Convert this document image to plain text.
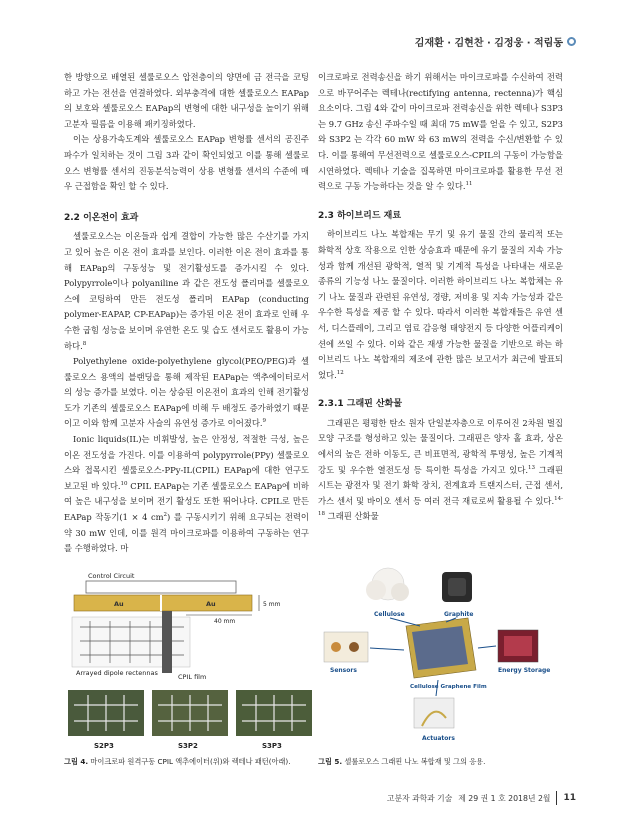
김재환 · 김현찬 · 김정웅 · 적림동

한 방향으로 배열된 셀룰로오스 압전층이의 양면에 금 전극을 코팅하고 가는 전선을 연결하였다. 외부충격에 대한 셀룰로오스 EAPap의 보호와 셀룰로오스 EAPap의 변형에 대한 내구성을 높이기 위해 고분자 필름을 이용해 패키징하였다.

이는 상용가속도계와 셀룰로오스 EAPap 변형률 센서의 공진주파수가 일치하는 것이 그림 3과 같이 확인되었고 이를 통해 셀룰로오스 변형률 센서의 진동분석능력이 상용 변형률 센서의 수준에 매우 근접함을 확인 할 수 있다.

2.2 이온전이 효과

셀룰로오스는 이온들과 쉽게 결합이 가능한 많은 수산기를 가지고 있어 높은 이온 전이 효과를 보인다. 이러한 이온 전이 효과를 통해 EAPap의 구동성능 및 전기활성도를 증가시킬 수 있다. Polypyrrole이나 polyaniline 과 같은 전도성 폴리머를 셀룰로오스에 코팅하여 만든 전도성 폴리머 EAPap (conducting polymer-EAPAP, CP-EAPap)는 증가된 이온 전이 효과로 인해 우수한 굽힘 성능을 보이며 유연한 온도 및 습도 센서로도 활용이 가능하다.$^8$

Polyethylene oxide-polyethylene glycol(PEO/PEG)과 셀룰로오스 용액의 블랜딩을 통해 제작된 EAPap는 액추에이터로서의 성능 증가를 보였다. 이는 상승된 이온전이 효과의 인해 전기활성도가 기존의 셀룰로오스 EAPap에 비해 두 배정도 증가하였기 때문이고 이와 함께 고분자 사슬의 유연성 증가로 이어졌다.$^9$

Ionic liquids(IL)는 비휘발성, 높은 안정성, 적절한 극성, 높은 이온 전도성을 가진다. 이를 이용하여 polypyrrole(PPy) 셀룰로오스와 접목시킨 셀룰로오스-PPy-IL(CPIL) EAPap에 대한 연구도 보고된 바 있다.$^{10}$ CPIL EAPap는 기존 셀룰로오스 EAPap에 비하여 높은 내구성을 보이며 전기 활성도 또한 뛰어나다. CPIL로 만든 EAPap 작동기(1 × 4 $cm^2$) 를 구동시키기 위해 요구되는 전력이 약 30 mW 인데, 이를 원격 마이크로파를 이용하여 구동하는 연구를 수행하였다. 마

이크로파로 전력송신을 하기 위해서는 마이크로파를 수신하여 전력으로 바꾸어주는 렉테나(rectifying antenna, rectenna)가 핵심요소이다. 그림 4와 같이 마이크로파 전력송신을 위한 렉테나 S3P3는 9.7 GHz 송신 주파수일 때 최대 75 mW를 얻을 수 있고, S2P3와 S3P2 는 각각 60 mW 와 63 mW의 전력을 수신/변환할 수 있다. 이를 통해여 무선전력으로 셀룰로오스-CPIL의 구동이 가능함을 시연하였다. 렉테나 기술을 집목하면 마이크로파를 활용한 무선 전력으로 구동 가능하다는 것을 알 수 있다.$^{11}$

2.3 하이브리드 재료

하이브리드 나노 복합재는 무기 및 유기 물질 간의 물리적 또는 화학적 상호 작용으로 인한 상승효과 때문에 유기 물질의 지속 가능성과 함께 개선된 광학적, 열적 및 기계적 특성을 나타내는 새로운 종류의 기능성 나노 물질이다. 이러한 하이브리드 나노 복합체는 유기 나노 물질과 관련된 유연성, 경량, 저비용 및 지속 가능성과 같은 우수한 특성을 제공 할 수 있다. 따라서 이러한 복합재들은 유연 센서, 디스플레이, 그리고 염료 감응형 태양전지 등 다양한 어플리케이션에 쓰일 수 있다. 이와 같은 재생 가능한 물질을 기반으로 하는 하이브리드 나노 복합재의 제조에 관한 많은 보고서가 최근에 발표되었다.$^{12}$

2.3.1 그래핀 산화물

그래핀은 평평한 탄소 원자 단일분자층으로 이루어진 2차원 벌집모양 구조를 형성하고 있는 물질이다. 그래핀은 양자 홀 효과, 상온에서의 높은 전하 이동도, 큰 비표면적, 광학적 투명성, 높은 기계적 강도 및 우수한 열전도성 등 특이한 특성을 가지고 있다.$^{13}$ 그래핀 시트는 광전자 및 전기 화학 장치, 전계효과 트랜지스터, 근접 센서, 가스 센서 및 바이오 센서 등 여러 전극 재료로써 활용될 수 있다.$^{14-18}$ 그래핀 산화물

Control Circuit
Au	Au	5 mm
40 mm
Arrayed dipole rectennas	CPIL film
S2P3	S3P2	S3P3
Cellulose	Graphite
Sensors
Cellulose Graphene Film
Energy Storage
Actuators
그림 4. 마이크로파 원격구동 CPIL 액추에이터(위)와 렉테나 패턴(아래).	그림 5. 셀룰로오스 그래핀 나노 복합재 및 그의 응용.
고분자 과학과 기술 제 29 권 1 호 2018년 2월 11
